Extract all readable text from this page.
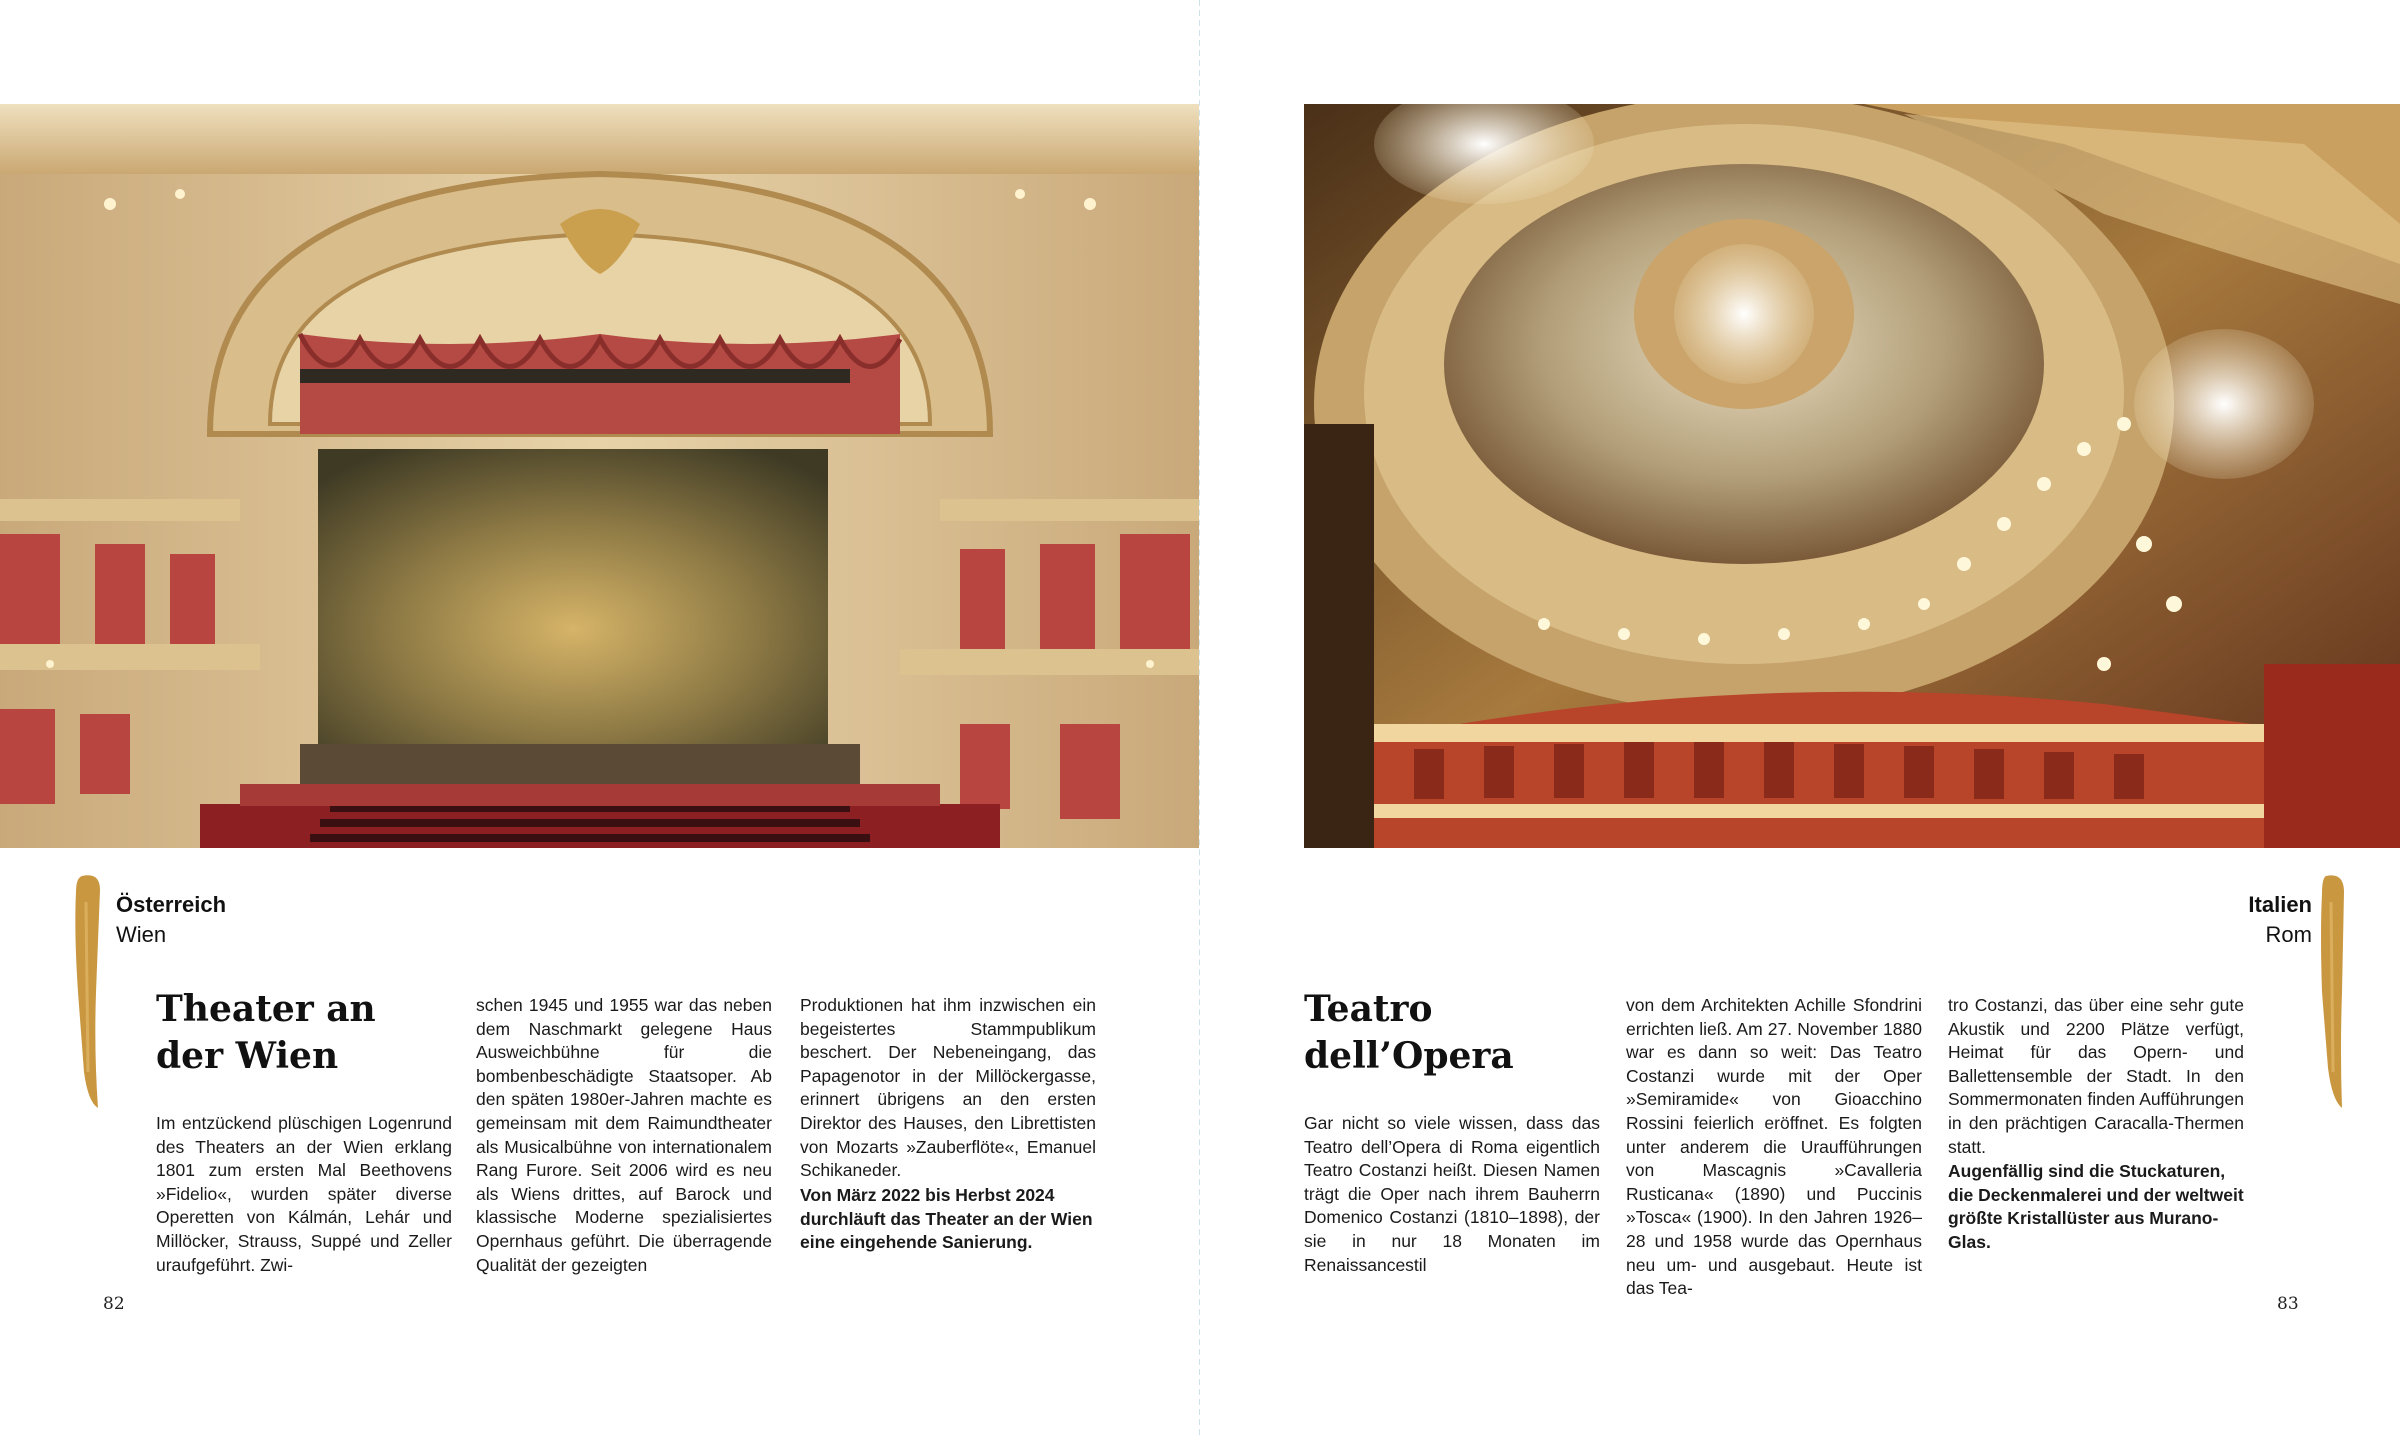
Österreich
Wien
Theater an
der Wien

Im entzückend plüschigen Logenrund des Theaters an der Wien erklang 1801 zum ersten Mal Beethovens »Fidelio«, wurden später diverse Operetten von Kálmán, Lehár und Millöcker, Strauss, Suppé und Zeller uraufgeführt. Zwi-

schen 1945 und 1955 war das neben dem Naschmarkt gelegene Haus Ausweichbühne für die bombenbeschädigte Staatsoper. Ab den späten 1980er-Jahren machte es gemeinsam mit dem Raimundtheater als Musicalbühne von internationalem Rang Furore. Seit 2006 wird es neu als Wiens drittes, auf Barock und klassische Moderne spezialisiertes Opernhaus geführt. Die überragende Qualität der gezeigten

Produktionen hat ihm inzwischen ein begeistertes Stammpublikum beschert. Der Nebeneingang, das Papagenotor in der Millöckergasse, erinnert übrigens an den ersten Direktor des Hauses, den Librettisten von Mozarts »Zauberflöte«, Emanuel Schikaneder.

Von März 2022 bis Herbst 2024 durchläuft das Theater an der Wien eine eingehende Sanierung.

82
Italien
Rom
Teatro
dell’Opera

Gar nicht so viele wissen, dass das Teatro dell’Opera di Roma eigentlich Teatro Costanzi heißt. Diesen Namen trägt die Oper nach ihrem Bauherrn Domenico Costanzi (1810–1898), der sie in nur 18 Monaten im Renaissancestil

von dem Architekten Achille Sfondrini errichten ließ. Am 27. November 1880 war es dann so weit: Das Teatro Costanzi wurde mit der Oper »Semiramide« von Gioacchino Rossini feierlich eröffnet. Es folgten unter anderem die Uraufführungen von Mascagnis »Cavalleria Rusticana« (1890) und Puccinis »Tosca« (1900). In den Jahren 1926–28 und 1958 wurde das Opernhaus neu um- und ausgebaut. Heute ist das Tea-

tro Costanzi, das über eine sehr gute Akustik und 2200 Plätze verfügt, Heimat für das Opern- und Ballettensemble der Stadt. In den Sommermonaten finden Aufführungen in den prächtigen Caracalla-Thermen statt.

Augenfällig sind die Stuckaturen, die Deckenmalerei und der weltweit größte Kristallüster aus Murano-Glas.

83
